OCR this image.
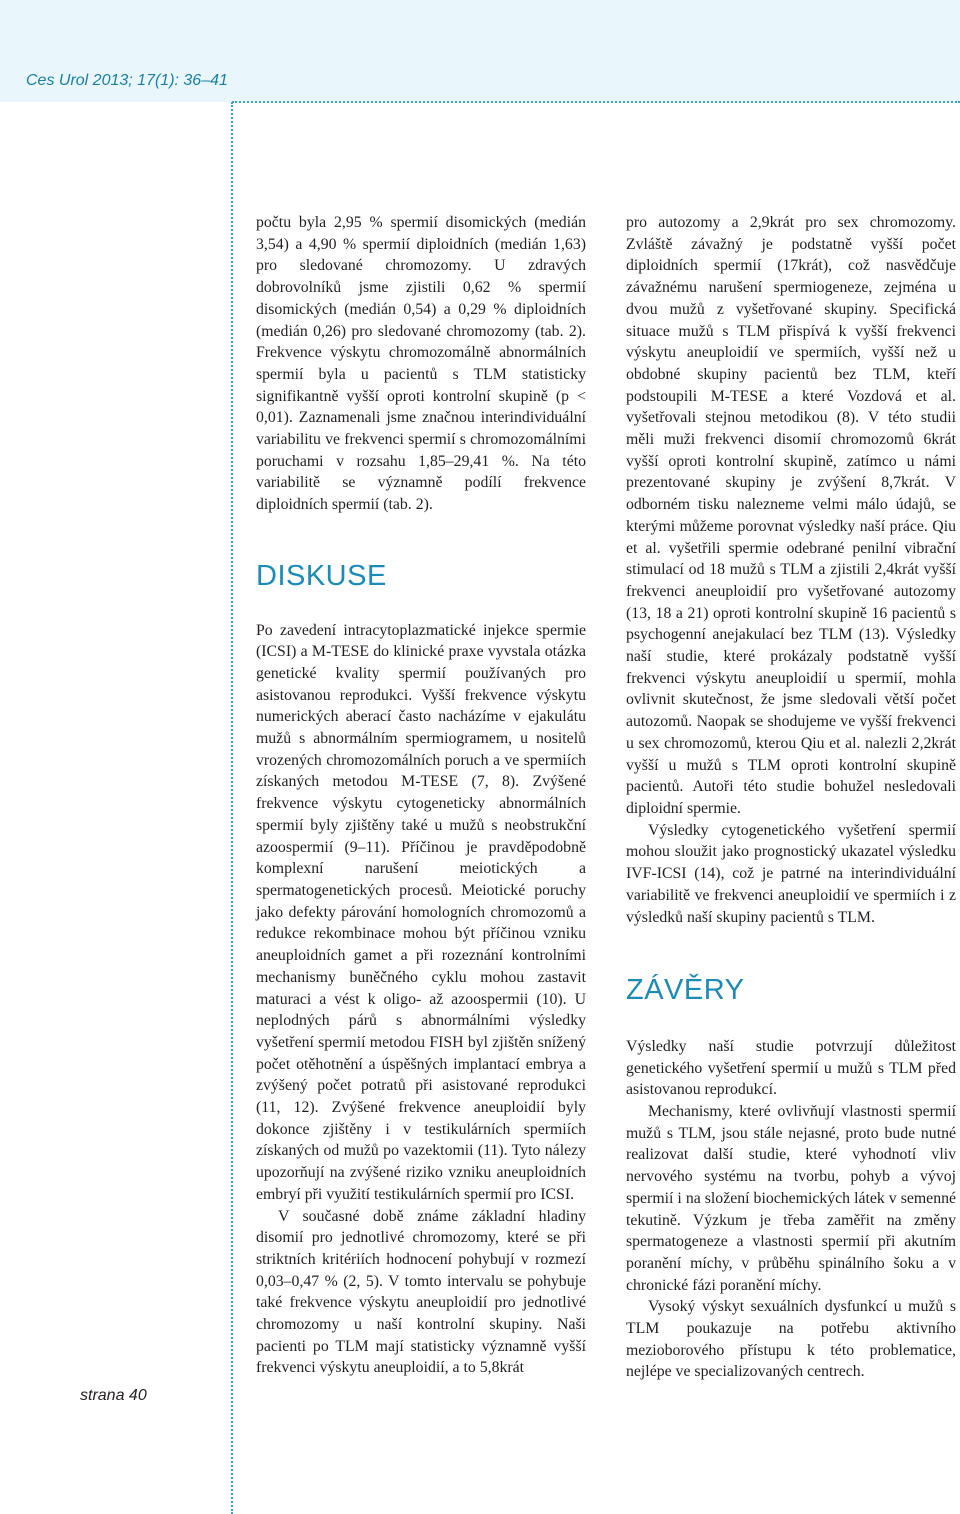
Ces Urol 2013; 17(1): 36–41
strana 40

počtu byla 2,95 % spermií disomických (medián 3,54) a 4,90 % spermií diploidních (medián 1,63) pro sledované chromozomy. U zdravých dobrovolníků jsme zjistili 0,62 % spermií disomických (medián 0,54) a 0,29 % diploidních (medián 0,26) pro sledované chromozomy (tab. 2). Frekvence výskytu chromozomálně abnormálních spermií byla u pacientů s TLM statisticky signifikantně vyšší oproti kontrolní skupině (p < 0,01). Zaznamenali jsme značnou interindividuální variabilitu ve frekvenci spermií s chromozomálními poruchami v rozsahu 1,85–29,41 %. Na této variabilitě se významně podílí frekvence diploidních spermií (tab. 2).

DISKUSE

Po zavedení intracytoplazmatické injekce spermie (ICSI) a M-TESE do klinické praxe vyvstala otázka genetické kvality spermií používaných pro asistovanou reprodukci. Vyšší frekvence výskytu numerických aberací často nacházíme v ejakulátu mužů s abnormálním spermiogramem, u nositelů vrozených chromozomálních poruch a ve spermiích získaných metodou M-TESE (7, 8). Zvýšené frekvence výskytu cytogeneticky abnormálních spermií byly zjištěny také u mužů s neobstrukční azoospermií (9–11). Příčinou je pravděpodobně komplexní narušení meiotických a spermatogenetických procesů. Meiotické poruchy jako defekty párování homologních chromozomů a redukce rekombinace mohou být příčinou vzniku aneuploidních gamet a při rozeznání kontrolními mechanismy buněčného cyklu mohou zastavit maturaci a vést k oligo- až azoospermii (10). U neplodných párů s abnormálními výsledky vyšetření spermií metodou FISH byl zjištěn snížený počet otěhotnění a úspěšných implantací embrya a zvýšený počet potratů při asistované reprodukci (11, 12). Zvýšené frekvence aneuploidií byly dokonce zjištěny i v testikulárních spermiích získaných od mužů po vazektomii (11). Tyto nálezy upozorňují na zvýšené riziko vzniku aneuploidních embryí při využití testikulárních spermií pro ICSI.

V současné době známe základní hladiny disomií pro jednotlivé chromozomy, které se při striktních kritériích hodnocení pohybují v rozmezí 0,03–0,47 % (2, 5). V tomto intervalu se pohybuje také frekvence výskytu aneuploidií pro jednotlivé chromozomy u naší kontrolní skupiny. Naši pacienti po TLM mají statisticky významně vyšší frekvenci výskytu aneuploidií, a to 5,8krát

pro autozomy a 2,9krát pro sex chromozomy. Zvláště závažný je podstatně vyšší počet diploidních spermií (17krát), což nasvědčuje závažnému narušení spermiogeneze, zejména u dvou mužů z vyšetřované skupiny. Specifická situace mužů s TLM přispívá k vyšší frekvenci výskytu aneuploidií ve spermiích, vyšší než u obdobné skupiny pacientů bez TLM, kteří podstoupili M-TESE a které Vozdová et al. vyšetřovali stejnou metodikou (8). V této studii měli muži frekvenci disomií chromozomů 6krát vyšší oproti kontrolní skupině, zatímco u námi prezentované skupiny je zvýšení 8,7krát. V odborném tisku nalezneme velmi málo údajů, se kterými můžeme porovnat výsledky naší práce. Qiu et al. vyšetřili spermie odebrané penilní vibrační stimulací od 18 mužů s TLM a zjistili 2,4krát vyšší frekvenci aneuploidií pro vyšetřované autozomy (13, 18 a 21) oproti kontrolní skupině 16 pacientů s psychogenní anejakulací bez TLM (13). Výsledky naší studie, které prokázaly podstatně vyšší frekvenci výskytu aneuploidií u spermií, mohla ovlivnit skutečnost, že jsme sledovali větší počet autozomů. Naopak se shodujeme ve vyšší frekvenci u sex chromozomů, kterou Qiu et al. nalezli 2,2krát vyšší u mužů s TLM oproti kontrolní skupině pacientů. Autoři této studie bohužel nesledovali diploidní spermie.

Výsledky cytogenetického vyšetření spermií mohou sloužit jako prognostický ukazatel výsledku IVF-ICSI (14), což je patrné na interindividuální variabilitě ve frekvenci aneuploidií ve spermiích i z výsledků naší skupiny pacientů s TLM.

ZÁVĚRY

Výsledky naší studie potvrzují důležitost genetického vyšetření spermií u mužů s TLM před asistovanou reprodukcí.

Mechanismy, které ovlivňují vlastnosti spermií mužů s TLM, jsou stále nejasné, proto bude nutné realizovat další studie, které vyhodnotí vliv nervového systému na tvorbu, pohyb a vývoj spermií i na složení biochemických látek v semenné tekutině. Výzkum je třeba zaměřit na změny spermatogeneze a vlastnosti spermií při akutním poranění míchy, v průběhu spinálního šoku a v chronické fázi poranění míchy.

Vysoký výskyt sexuálních dysfunkcí u mužů s TLM poukazuje na potřebu aktivního mezioborového přístupu k této problematice, nejlépe ve specializovaných centrech.
